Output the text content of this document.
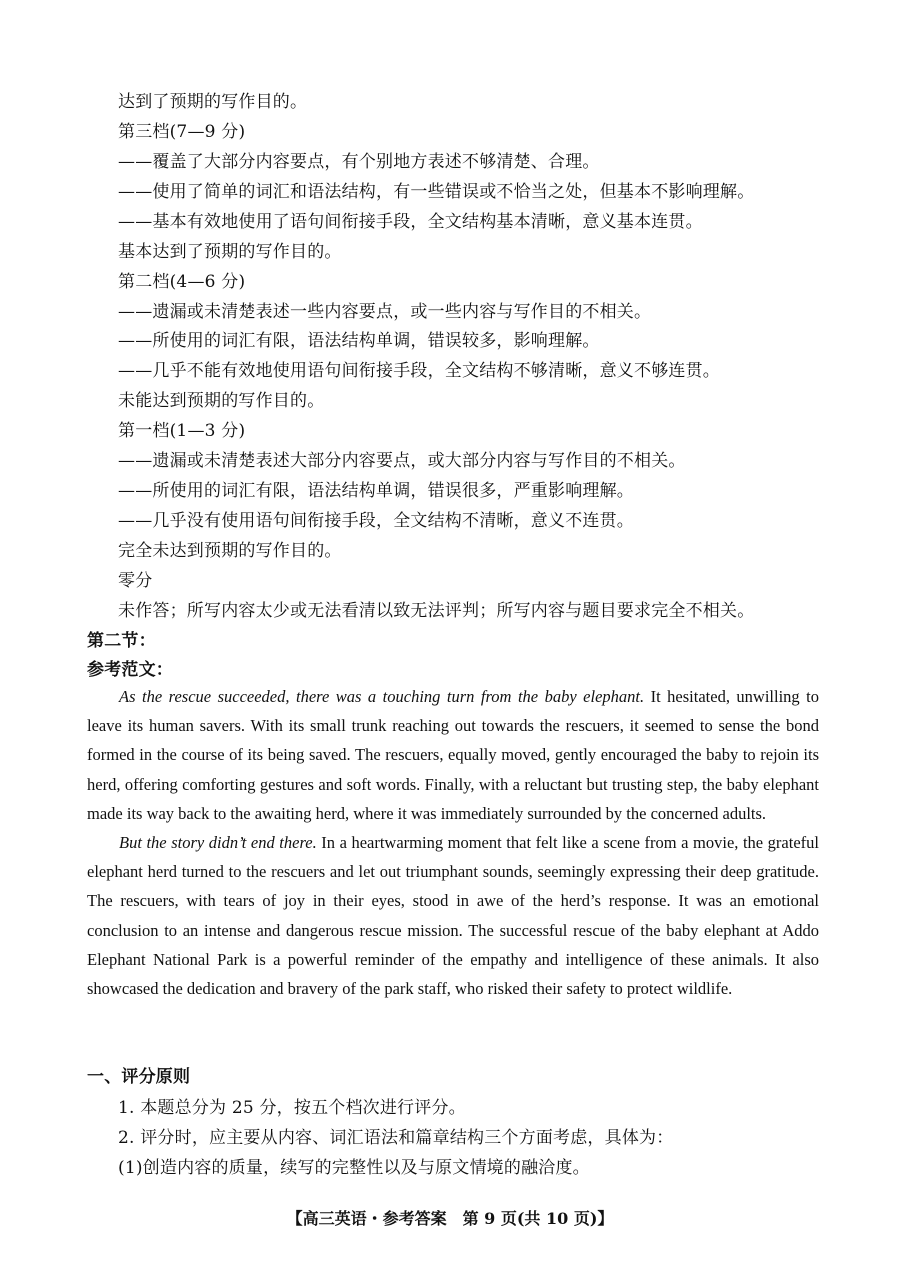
达到了预期的写作目的。
第三档(7—9 分)
——覆盖了大部分内容要点，有个别地方表述不够清楚、合理。
——使用了简单的词汇和语法结构，有一些错误或不恰当之处，但基本不影响理解。
——基本有效地使用了语句间衔接手段，全文结构基本清晰，意义基本连贯。
基本达到了预期的写作目的。
第二档(4—6 分)
——遗漏或未清楚表述一些内容要点，或一些内容与写作目的不相关。
——所使用的词汇有限，语法结构单调，错误较多，影响理解。
——几乎不能有效地使用语句间衔接手段，全文结构不够清晰，意义不够连贯。
未能达到预期的写作目的。
第一档(1—3 分)
——遗漏或未清楚表述大部分内容要点，或大部分内容与写作目的不相关。
——所使用的词汇有限，语法结构单调，错误很多，严重影响理解。
——几乎没有使用语句间衔接手段，全文结构不清晰，意义不连贯。
完全未达到预期的写作目的。
零分
未作答；所写内容太少或无法看清以致无法评判；所写内容与题目要求完全不相关。
第二节：
参考范文：

As the rescue succeeded, there was a touching turn from the baby elephant. It hesitated, unwilling to leave its human savers. With its small trunk reaching out towards the rescuers, it seemed to sense the bond formed in the course of its being saved. The rescuers, equally moved, gently encouraged the baby to rejoin its herd, offering comforting gestures and soft words. Finally, with a reluctant but trusting step, the baby elephant made its way back to the awaiting herd, where it was immediately surrounded by the concerned adults.

But the story didn’t end there. In a heartwarming moment that felt like a scene from a movie, the grateful elephant herd turned to the rescuers and let out triumphant sounds, seemingly expressing their deep gratitude. The rescuers, with tears of joy in their eyes, stood in awe of the herd’s response. It was an emotional conclusion to an intense and dangerous rescue mission. The successful rescue of the baby elephant at Addo Elephant National Park is a powerful reminder of the empathy and intelligence of these animals. It also showcased the dedication and bravery of the park staff, who risked their safety to protect wildlife.

一、评分原则
1. 本题总分为 25 分，按五个档次进行评分。
2. 评分时，应主要从内容、词汇语法和篇章结构三个方面考虑，具体为：
(1)创造内容的质量，续写的完整性以及与原文情境的融洽度。
【高三英语・参考答案　第 9 页(共 10 页)】
